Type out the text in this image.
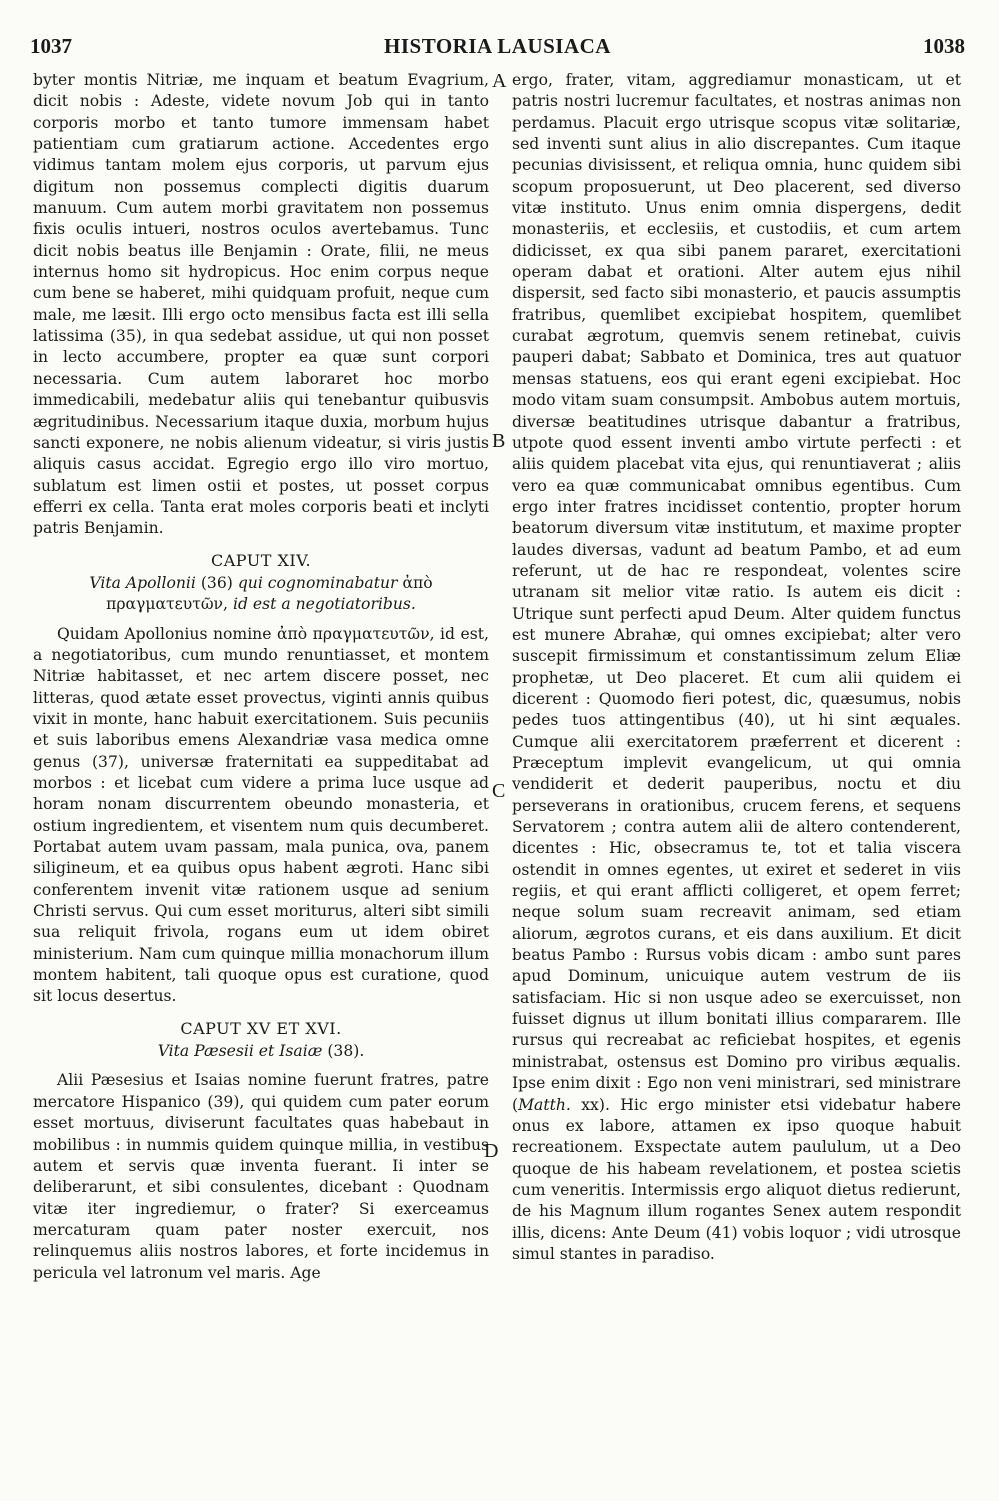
1037	HISTORIA LAUSIACA	1038
A
B
C
D

byter montis Nitriæ, me inquam et beatum Evagrium, dicit nobis : Adeste, videte novum Job qui in tanto corporis morbo et tanto tumore immensam habet patientiam cum gratiarum actione. Accedentes ergo vidimus tantam molem ejus corporis, ut parvum ejus digitum non possemus complecti digitis duarum manuum. Cum autem morbi gravitatem non possemus fixis oculis intueri, nostros oculos avertebamus. Tunc dicit nobis beatus ille Benjamin : Orate, filii, ne meus internus homo sit hydropicus. Hoc enim corpus neque cum bene se haberet, mihi quidquam profuit, neque cum male, me læsit. Illi ergo octo mensibus facta est illi sella latissima (35), in qua sedebat assidue, ut qui non posset in lecto accumbere, propter ea quæ sunt corpori necessaria. Cum autem laboraret hoc morbo immedicabili, medebatur aliis qui tenebantur quibusvis ægritudinibus. Necessarium itaque duxia, morbum hujus sancti exponere, ne nobis alienum videatur, si viris justis aliquis casus accidat. Egregio ergo illo viro mortuo, sublatum est limen ostii et postes, ut posset corpus efferri ex cella. Tanta erat moles corporis beati et inclyti patris Benjamin.

CAPUT XIV.
Vita Apollonii (36) qui cognominabatur ἀπὸ πραγματευτῶν, id est a negotiatoribus.

Quidam Apollonius nomine ἀπὸ πραγματευτῶν, id est, a negotiatoribus, cum mundo renuntiasset, et montem Nitriæ habitasset, et nec artem discere posset, nec litteras, quod ætate esset provectus, viginti annis quibus vixit in monte, hanc habuit exercitationem. Suis pecuniis et suis laboribus emens Alexandriæ vasa medica omne genus (37), universæ fraternitati ea suppeditabat ad morbos : et licebat cum videre a prima luce usque ad horam nonam discurrentem obeundo monasteria, et ostium ingredientem, et visentem num quis decumberet. Portabat autem uvam passam, mala punica, ova, panem siligineum, et ea quibus opus habent ægroti. Hanc sibi conferentem invenit vitæ rationem usque ad senium Christi servus. Qui cum esset moriturus, alteri sibt simili sua reliquit frivola, rogans eum ut idem obiret ministerium. Nam cum quinque millia monachorum illum montem habitent, tali quoque opus est curatione, quod sit locus desertus.

CAPUT XV ET XVI.
Vita Pæsesii et Isaiæ (38).

Alii Pæsesius et Isaias nomine fuerunt fratres, patre mercatore Hispanico (39), qui quidem cum pater eorum esset mortuus, diviserunt facultates quas habebaut in mobilibus : in nummis quidem quinque millia, in vestibus autem et servis quæ inventa fuerant. Ii inter se deliberarunt, et sibi consulentes, dicebant : Quodnam vitæ iter ingrediemur, o frater? Si exerceamus mercaturam quam pater noster exercuit, nos relinquemus aliis nostros labores, et forte incidemus in pericula vel latronum vel maris. Age

ergo, frater, vitam, aggrediamur monasticam, ut et patris nostri lucremur facultates, et nostras animas non perdamus. Placuit ergo utrisque scopus vitæ solitariæ, sed inventi sunt alius in alio discrepantes. Cum itaque pecunias divisissent, et reliqua omnia, hunc quidem sibi scopum proposuerunt, ut Deo placerent, sed diverso vitæ instituto. Unus enim omnia dispergens, dedit monasteriis, et ecclesiis, et custodiis, et cum artem didicisset, ex qua sibi panem pararet, exercitationi operam dabat et orationi. Alter autem ejus nihil dispersit, sed facto sibi monasterio, et paucis assumptis fratribus, quemlibet excipiebat hospitem, quemlibet curabat ægrotum, quemvis senem retinebat, cuivis pauperi dabat; Sabbato et Dominica, tres aut quatuor mensas statuens, eos qui erant egeni excipiebat. Hoc modo vitam suam consumpsit. Ambobus autem mortuis, diversæ beatitudines utrisque dabantur a fratribus, utpote quod essent inventi ambo virtute perfecti : et aliis quidem placebat vita ejus, qui renuntiaverat ; aliis vero ea quæ communicabat omnibus egentibus. Cum ergo inter fratres incidisset contentio, propter horum beatorum diversum vitæ institutum, et maxime propter laudes diversas, vadunt ad beatum Pambo, et ad eum referunt, ut de hac re respondeat, volentes scire utranam sit melior vitæ ratio. Is autem eis dicit : Utrique sunt perfecti apud Deum. Alter quidem functus est munere Abrahæ, qui omnes excipiebat; alter vero suscepit firmissimum et constantissimum zelum Eliæ prophetæ, ut Deo placeret. Et cum alii quidem ei dicerent : Quomodo fieri potest, dic, quæsumus, nobis pedes tuos attingentibus (40), ut hi sint æquales. Cumque alii exercitatorem præferrent et dicerent : Præceptum implevit evangelicum, ut qui omnia vendiderit et dederit pauperibus, noctu et diu perseverans in orationibus, crucem ferens, et sequens Servatorem ; contra autem alii de altero contenderent, dicentes : Hic, obsecramus te, tot et talia viscera ostendit in omnes egentes, ut exiret et sederet in viis regiis, et qui erant afflicti colligeret, et opem ferret; neque solum suam recreavit animam, sed etiam aliorum, ægrotos curans, et eis dans auxilium. Et dicit beatus Pambo : Rursus vobis dicam : ambo sunt pares apud Dominum, unicuique autem vestrum de iis satisfaciam. Hic si non usque adeo se exercuisset, non fuisset dignus ut illum bonitati illius compararem. Ille rursus qui recreabat ac reficiebat hospites, et egenis ministrabat, ostensus est Domino pro viribus æqualis. Ipse enim dixit : Ego non veni ministrari, sed ministrare (Matth. xx). Hic ergo minister etsi videbatur habere onus ex labore, attamen ex ipso quoque habuit recreationem. Exspectate autem paululum, ut a Deo quoque de his habeam revelationem, et postea scietis cum veneritis. Intermissis ergo aliquot dietus redierunt, de his Magnum illum rogantes Senex autem respondit illis, dicens: Ante Deum (41) vobis loquor ; vidi utrosque simul stantes in paradiso.
